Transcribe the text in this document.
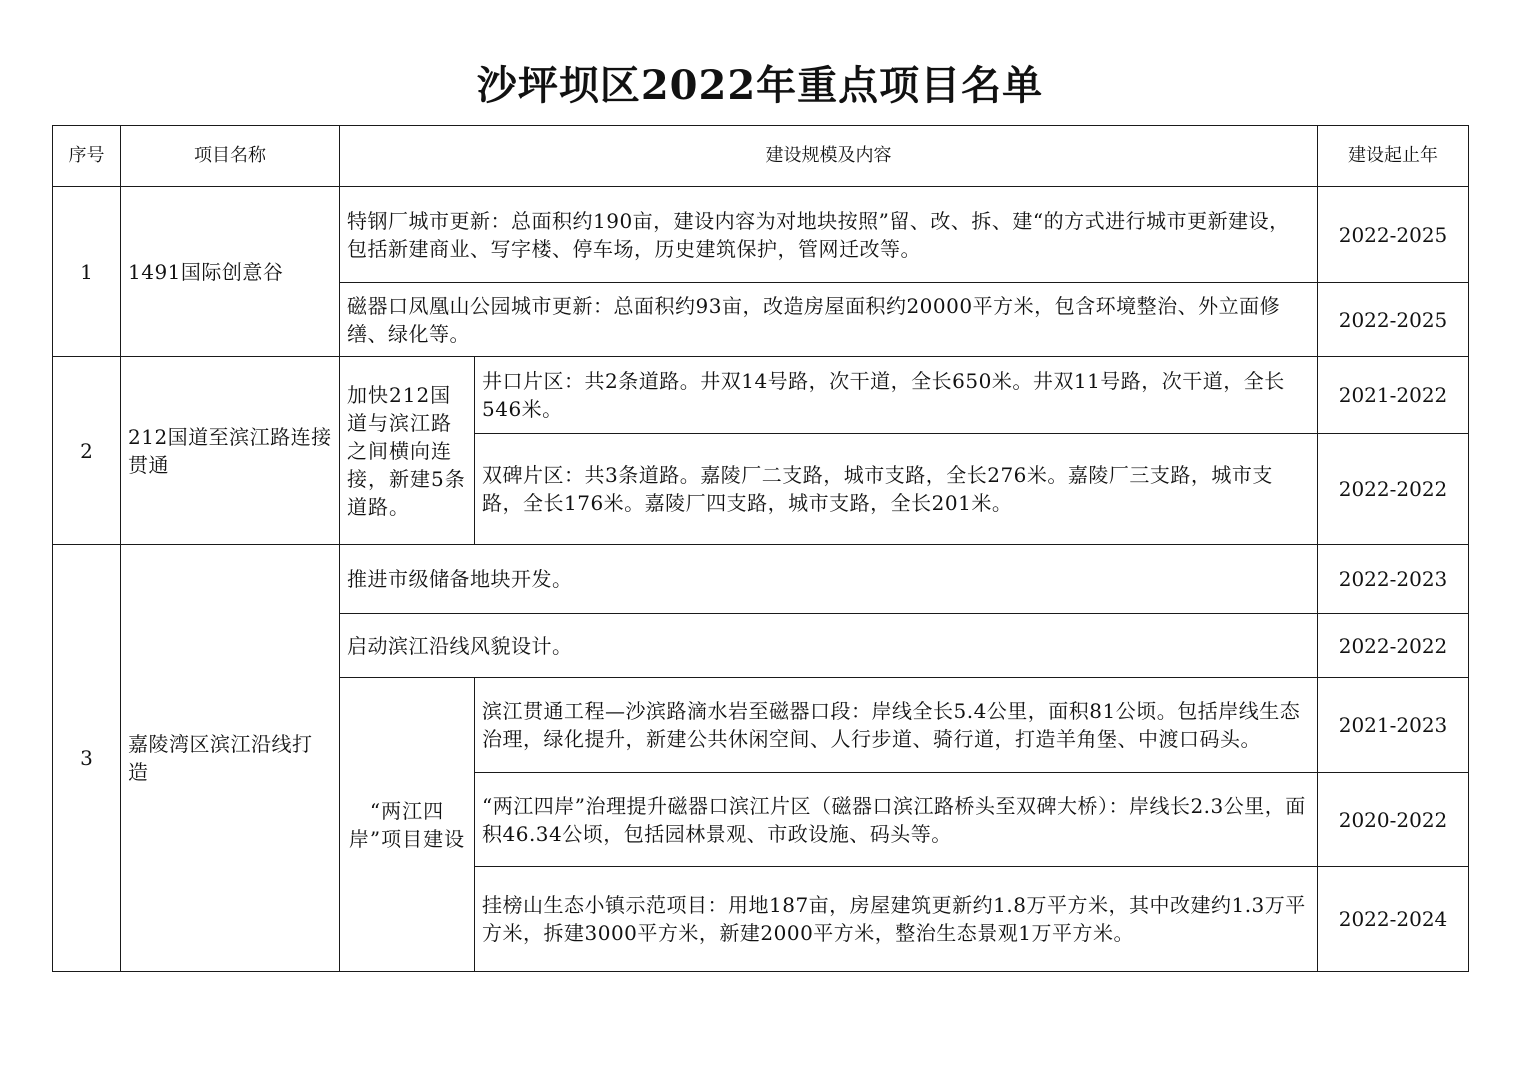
沙坪坝区2022年重点项目名单
序号	项目名称	建设规模及内容		建设起止年
1	1491国际创意谷	特钢厂城市更新：总面积约190亩，建设内容为对地块按照”留、改、拆、建“的方式进行城市更新建设，包括新建商业、写字楼、停车场，历史建筑保护，管网迁改等。		2022-2025
		磁器口凤凰山公园城市更新：总面积约93亩，改造房屋面积约20000平方米，包含环境整治、外立面修缮、绿化等。		2022-2025
2	212国道至滨江路连接贯通	加快212国道与滨江路之间横向连接，新建5条道路。	井口片区：共2条道路。井双14号路，次干道，全长650米。井双11号路，次干道，全长546米。	2021-2022
			双碑片区：共3条道路。嘉陵厂二支路，城市支路，全长276米。嘉陵厂三支路，城市支路，全长176米。嘉陵厂四支路，城市支路，全长201米。	2022-2022
3	嘉陵湾区滨江沿线打造	推进市级储备地块开发。		2022-2023
		启动滨江沿线风貌设计。		2022-2022
		“两江四岸”项目建设	滨江贯通工程—沙滨路滴水岩至磁器口段：岸线全长5.4公里，面积81公顷。包括岸线生态治理，绿化提升，新建公共休闲空间、人行步道、骑行道，打造羊角堡、中渡口码头。	2021-2023
			“两江四岸”治理提升磁器口滨江片区（磁器口滨江路桥头至双碑大桥）：岸线长2.3公里，面积46.34公顷，包括园林景观、市政设施、码头等。	2020-2022
			挂榜山生态小镇示范项目：用地187亩，房屋建筑更新约1.8万平方米，其中改建约1.3万平方米，拆建3000平方米，新建2000平方米，整治生态景观1万平方米。	2022-2024
